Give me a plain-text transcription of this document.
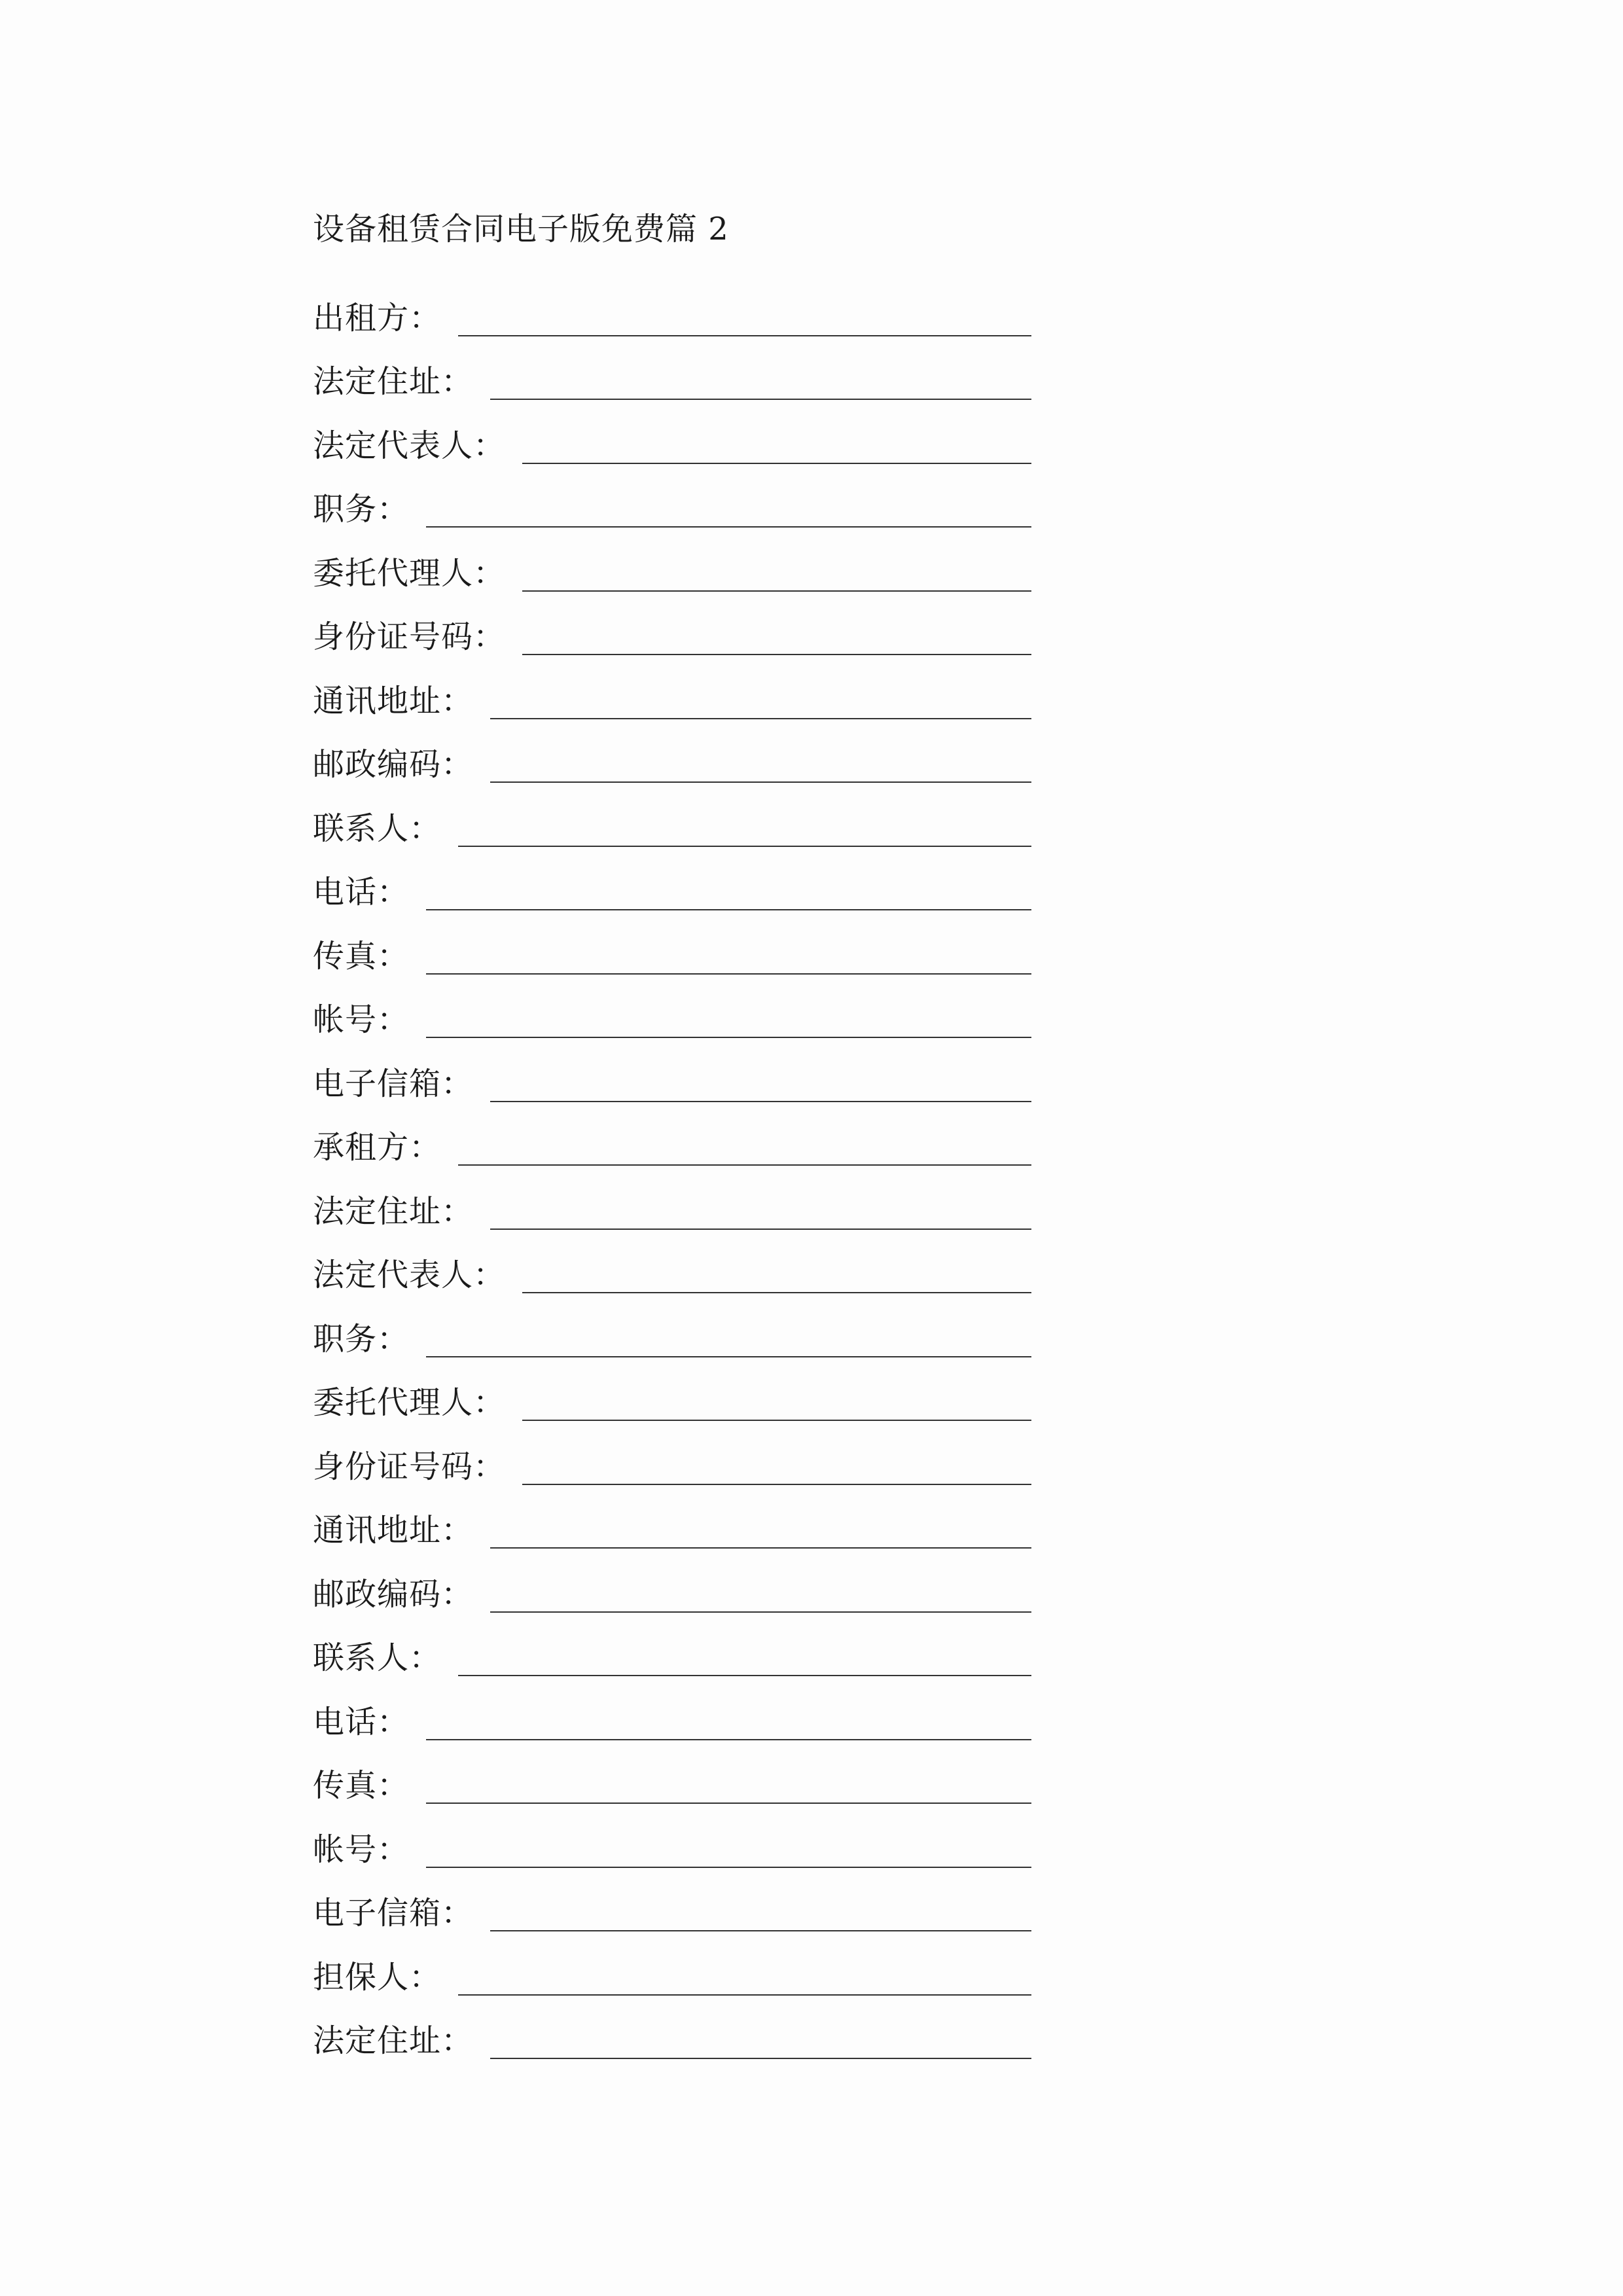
设备租赁合同电子版免费篇 2
出租方：
法定住址：
法定代表人：
职务：
委托代理人：
身份证号码：
通讯地址：
邮政编码：
联系人：
电话：
传真：
帐号：
电子信箱：
承租方：
法定住址：
法定代表人：
职务：
委托代理人：
身份证号码：
通讯地址：
邮政编码：
联系人：
电话：
传真：
帐号：
电子信箱：
担保人：
法定住址：
